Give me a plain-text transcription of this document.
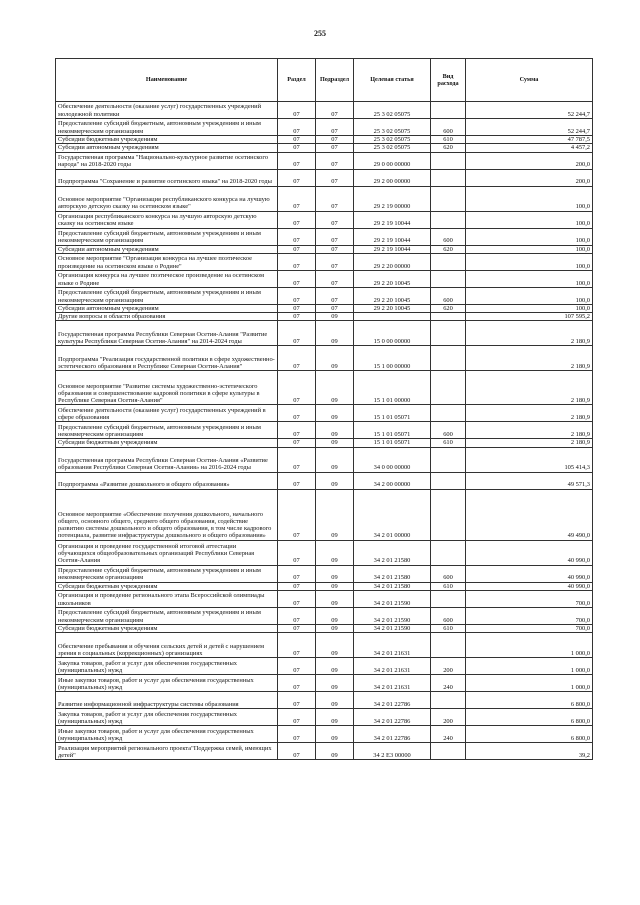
255
Наименование	Раздел	Подраздел	Целевая статья	Вид расхода	Сумма
Обеспечение деятельности (оказание услуг) государственных учреждений молодежной политики	07	07	25 3 02 05075		52 244,7
Предоставление субсидий бюджетным, автономным учреждениям и иным некоммерческим организациям	07	07	25 3 02 05075	600	52 244,7
Субсидии бюджетным учреждениям	07	07	25 3 02 05075	610	47 787,5
Субсидии автономным учреждениям	07	07	25 3 02 05075	620	4 457,2
Государственная программа "Национально-культурное развитие осетинского народа" на 2018-2020 годы	07	07	29 0 00 00000		200,0
Подпрограмма "Сохранение и развитие осетинского языка" на 2018-2020 годы	07	07	29 2 00 00000		200,0
Основное мероприятие "Организация республиканского конкурса на лучшую авторскую детскую сказку на осетинском языке"	07	07	29 2 19 00000		100,0
Организация республиканского конкурса на лучшую авторскую детскую сказку на осетинском языке	07	07	29 2 19 10044		100,0
Предоставление субсидий бюджетным, автономным учреждениям и иным некоммерческим организациям	07	07	29 2 19 10044	600	100,0
Субсидии автономным учреждениям	07	07	29 2 19 10044	620	100,0
Основное мероприятие "Организация конкурса на лучшее поэтическое произведение на осетинском языке о Родине"	07	07	29 2 20 00000		100,0
Организация конкурса на лучшее поэтическое произведение на осетинском языке о Родине	07	07	29 2 20 10045		100,0
Предоставление субсидий бюджетным, автономным учреждениям и иным некоммерческим организациям	07	07	29 2 20 10045	600	100,0
Субсидии автономным учреждениям	07	07	29 2 20 10045	620	100,0
Другие вопросы в области образования	07	09			107 595,2
Государственная программа Республики Северная Осетия-Алания "Развитие культуры Республики Северная Осетия-Алания" на 2014-2024 годы	07	09	15 0 00 00000		2 180,9
Подпрограмма "Реализация государственной политики в сфере художественно-эстетического образования в Республике Северная Осетия-Алания"	07	09	15 1 00 00000		2 180,9
Основное мероприятие "Развитие системы художественно-эстетического образования и совершенствование кадровой политики в сфере культуры в Республике Северная Осетия-Алания"	07	09	15 1 01 00000		2 180,9
Обеспечение деятельности (оказание услуг) государственных учреждений в сфере образования	07	09	15 1 01 05071		2 180,9
Предоставление субсидий бюджетным, автономным учреждениям и иным некоммерческим организациям	07	09	15 1 01 05071	600	2 180,9
Субсидии бюджетным учреждениям	07	09	15 1 01 05071	610	2 180,9
Государственная программа Республики Северная Осетия-Алания «Развитие образования Республики Северная Осетия-Алания» на 2016-2024 годы	07	09	34 0 00 00000		105 414,3
Подпрограмма «Развитие дошкольного и общего образования»	07	09	34 2 00 00000		49 571,3
Основное мероприятие «Обеспечение получения дошкольного, начального общего, основного общего, среднего общего образования, содействие развитию системы дошкольного и общего образования, в том числе кадрового потенциала, развитие инфраструктуры дошкольного и общего образования»	07	09	34 2 01 00000		49 490,0
Организация и проведение государственной итоговой аттестации обучающихся общеобразовательных организаций Республики Северная Осетия-Алания	07	09	34 2 01 21580		40 990,0
Предоставление субсидий бюджетным, автономным учреждениям и иным некоммерческим организациям	07	09	34 2 01 21580	600	40 990,0
Субсидии бюджетным учреждениям	07	09	34 2 01 21580	610	40 990,0
Организация и проведение регионального этапа Всероссийской олимпиады школьников	07	09	34 2 01 21590		700,0
Предоставление субсидий бюджетным, автономным учреждениям и иным некоммерческим организациям	07	09	34 2 01 21590	600	700,0
Субсидии бюджетным учреждениям	07	09	34 2 01 21590	610	700,0
Обеспечение пребывания и обучения сельских детей и детей с нарушением зрения в социальных (коррекционных) организациях	07	09	34 2 01 21631		1 000,0
Закупка товаров, работ и услуг для обеспечения государственных (муниципальных) нужд	07	09	34 2 01 21631	200	1 000,0
Иные закупки товаров, работ и услуг для обеспечения государственных (муниципальных) нужд	07	09	34 2 01 21631	240	1 000,0
Развитие информационной инфраструктуры системы образования	07	09	34 2 01 22786		6 800,0
Закупка товаров, работ и услуг для обеспечения государственных (муниципальных) нужд	07	09	34 2 01 22786	200	6 800,0
Иные закупки товаров, работ и услуг для обеспечения государственных (муниципальных) нужд	07	09	34 2 01 22786	240	6 800,0
Реализация мероприятий регионального проекта"Поддержка семей, имеющих детей"	07	09	34 2 E3 00000		39,2
